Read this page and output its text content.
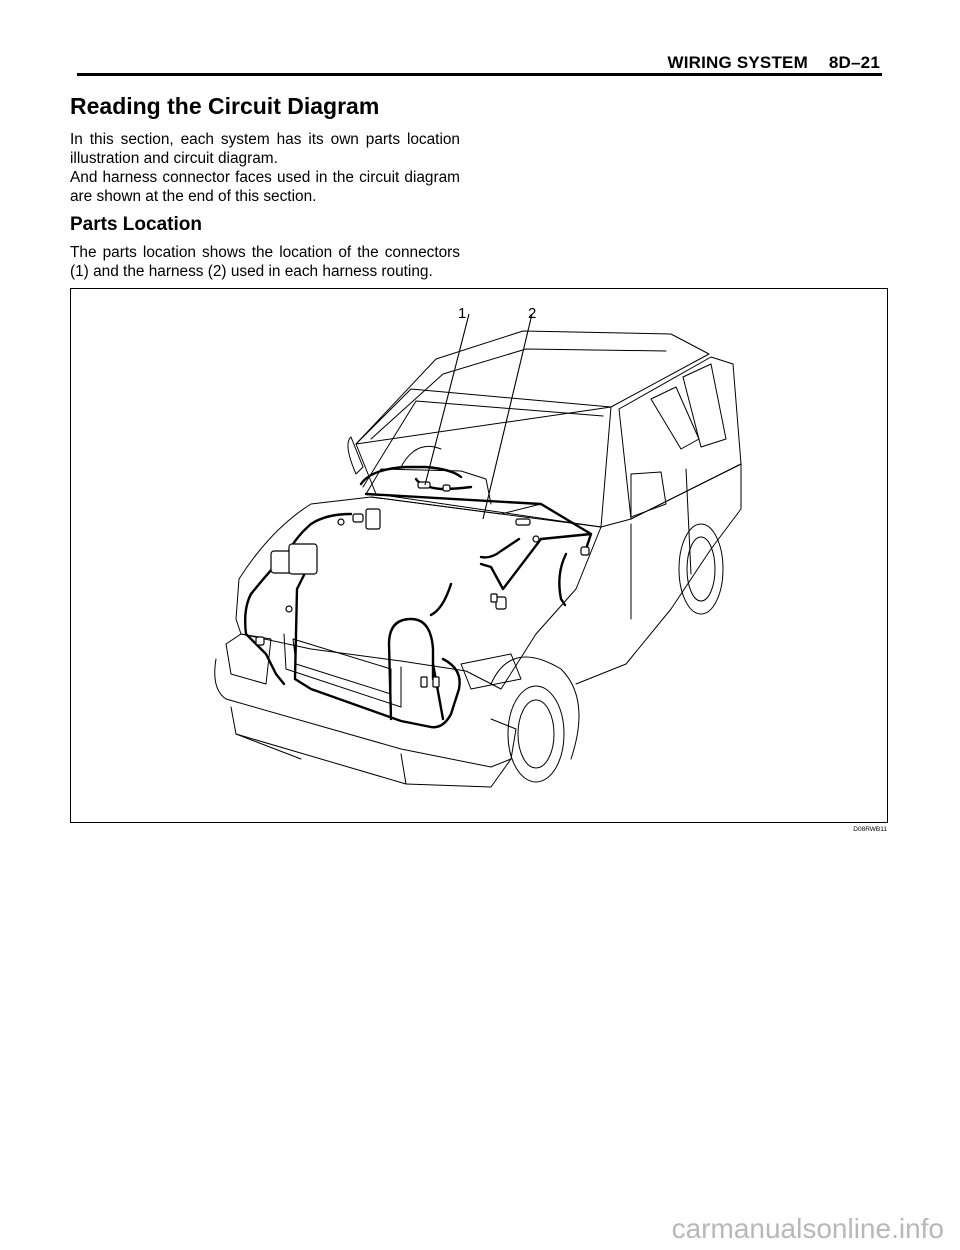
WIRING SYSTEM 8D–21
Reading the Circuit Diagram
In this section, each system has its own parts location illustration and circuit diagram.
And harness connector faces used in the circuit diagram are shown at the end of this section.
Parts Location
The parts location shows the location of the connectors (1) and the harness (2) used in each harness routing.
1	2
D08RWB11
carmanualsonline.info
